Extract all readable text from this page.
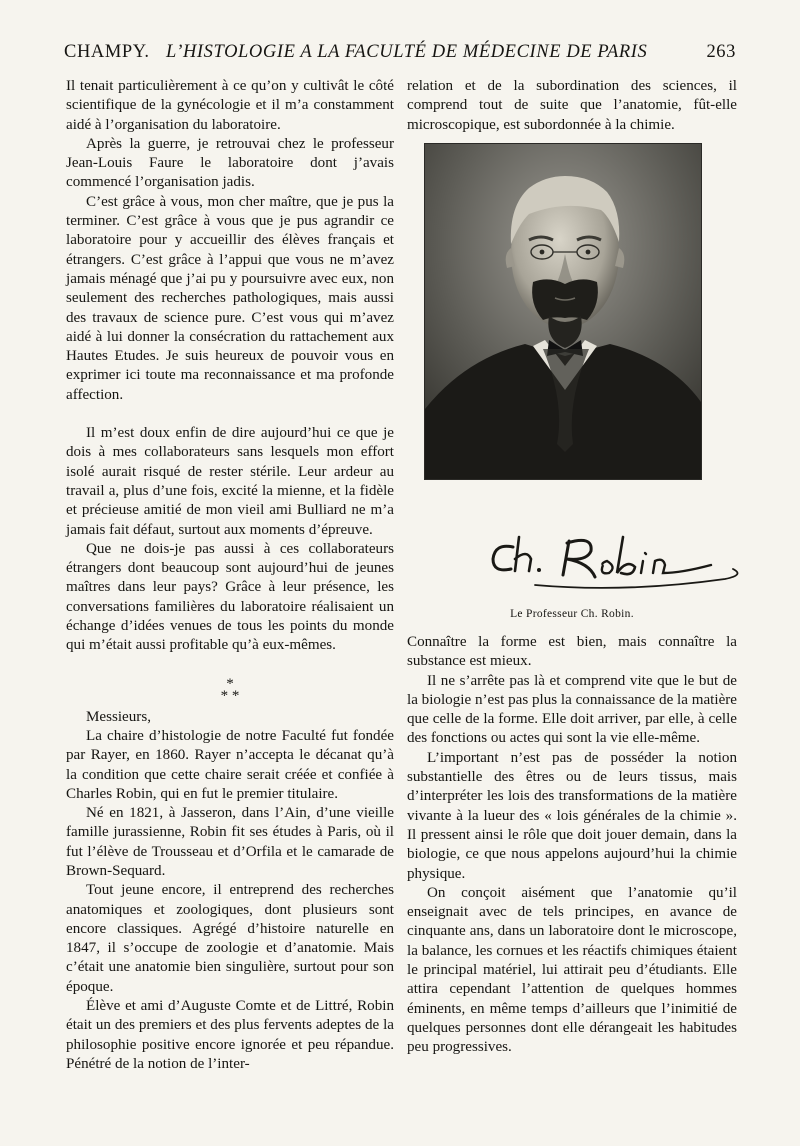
CHAMPY. L’HISTOLOGIE A LA FACULTÉ DE MÉDECINE DE PARIS	263

Il tenait particulièrement à ce qu’on y cultivât le côté scientifique de la gynécologie et il m’a constamment aidé à l’organisation du laboratoire.

Après la guerre, je retrouvai chez le professeur Jean-Louis Faure le laboratoire dont j’avais commencé l’organisation jadis.

C’est grâce à vous, mon cher maître, que je pus la terminer. C’est grâce à vous que je pus agrandir ce laboratoire pour y accueillir des élèves français et étrangers. C’est grâce à l’appui que vous ne m’avez jamais ménagé que j’ai pu y poursuivre avec eux, non seulement des recherches pathologiques, mais aussi des travaux de science pure. C’est vous qui m’avez aidé à lui donner la consécration du rattachement aux Hautes Etudes. Je suis heureux de pouvoir vous en exprimer ici toute ma reconnaissance et ma profonde affection.

Il m’est doux enfin de dire aujourd’hui ce que je dois à mes collaborateurs sans lesquels mon effort isolé aurait risqué de rester stérile. Leur ardeur au travail a, plus d’une fois, excité la mienne, et la fidèle et précieuse amitié de mon vieil ami Bulliard ne m’a jamais fait défaut, surtout aux moments d’épreuve.

Que ne dois-je pas aussi à ces collaborateurs étrangers dont beaucoup sont aujourd’hui de jeunes maîtres dans leur pays? Grâce à leur présence, les conversations familières du laboratoire réalisaient un échange d’idées venues de tous les points du monde qui m’était aussi profitable qu’à eux-mêmes.

*
* *

Messieurs,

La chaire d’histologie de notre Faculté fut fondée par Rayer, en 1860. Rayer n’accepta le décanat qu’à la condition que cette chaire serait créée et confiée à Charles Robin, qui en fut le premier titulaire.

Né en 1821, à Jasseron, dans l’Ain, d’une vieille famille jurassienne, Robin fit ses études à Paris, où il fut l’élève de Trousseau et d’Orfila et le camarade de Brown-Sequard.

Tout jeune encore, il entreprend des recherches anatomiques et zoologiques, dont plusieurs sont encore classiques. Agrégé d’histoire naturelle en 1847, il s’occupe de zoologie et d’anatomie. Mais c’était une anatomie bien singulière, surtout pour son époque.

Élève et ami d’Auguste Comte et de Littré, Robin était un des premiers et des plus fervents adeptes de la philosophie positive encore ignorée et peu répandue. Pénétré de la notion de l’inter-

relation et de la subordination des sciences, il comprend tout de suite que l’anatomie, fût-elle microscopique, est subordonnée à la chimie.

Le Professeur Ch. Robin.

Connaître la forme est bien, mais connaître la substance est mieux.

Il ne s’arrête pas là et comprend vite que le but de la biologie n’est pas plus la connaissance de la matière que celle de la forme. Elle doit arriver, par elle, à celle des fonctions ou actes qui sont la vie elle-même.

L’important n’est pas de posséder la notion substantielle des êtres ou de leurs tissus, mais d’interpréter les lois des transformations de la matière vivante à la lueur des « lois générales de la chimie ». Il pressent ainsi le rôle que doit jouer demain, dans la biologie, ce que nous appelons aujourd’hui la chimie physique.

On conçoit aisément que l’anatomie qu’il enseignait avec de tels principes, en avance de cinquante ans, dans un laboratoire dont le microscope, la balance, les cornues et les réactifs chimiques étaient le principal matériel, lui attirait peu d’étudiants. Elle attira cependant l’attention de quelques hommes éminents, en même temps d’ailleurs que l’inimitié de quelques personnes dont elle dérangeait les habitudes peu progressives.
